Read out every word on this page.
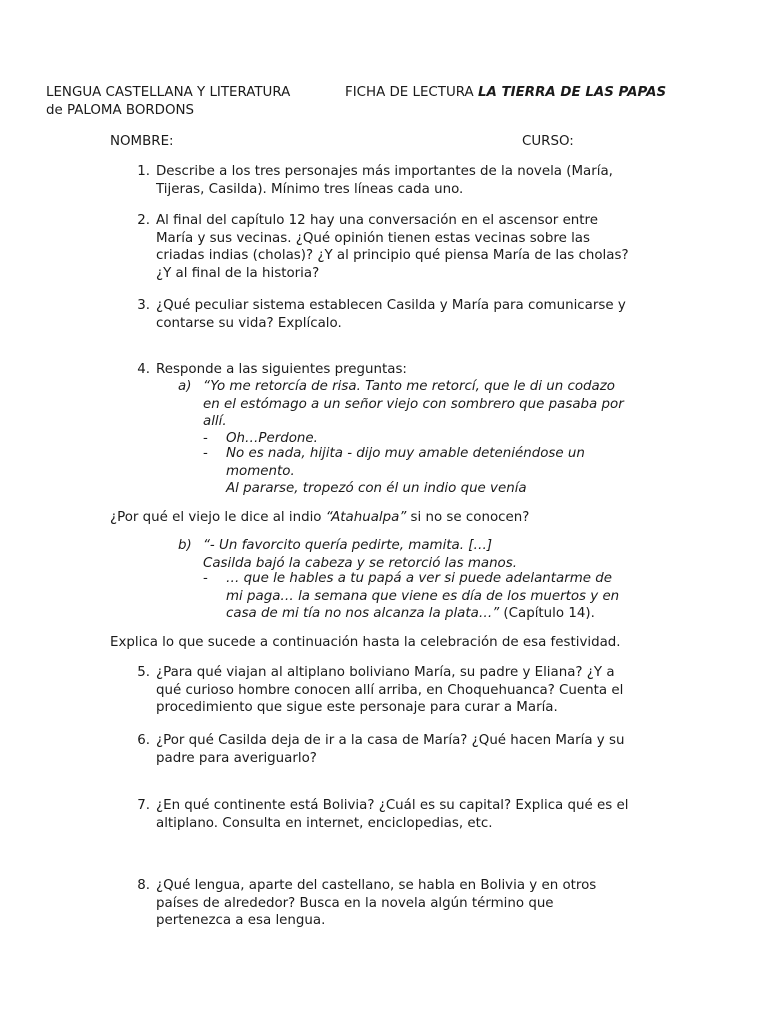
LENGUA CASTELLANA Y LITERATURA	FICHA DE LECTURA LA TIERRA DE LAS PAPAS
de PALOMA BORDONS
NOMBRE:	CURSO:
1. Describe a los tres personajes más importantes de la novela (María,
Tijeras, Casilda). Mínimo tres líneas cada uno.
2. Al final del capítulo 12 hay una conversación en el ascensor entre
María y sus vecinas. ¿Qué opinión tienen estas vecinas sobre las
criadas indias (cholas)? ¿Y al principio qué piensa María de las cholas?
¿Y al final de la historia?
3. ¿Qué peculiar sistema establecen Casilda y María para comunicarse y
contarse su vida? Explícalo.
4. Responde a las siguientes preguntas:
a) “Yo me retorcía de risa. Tanto me retorcí, que le di un codazo
en el estómago a un señor viejo con sombrero que pasaba por
allí.
- Oh…Perdone.
- No es nada, hijita - dijo muy amable deteniéndose un
momento.
Al pararse, tropezó con él un indio que venía
¿Por qué el viejo le dice al indio “Atahualpa” si no se conocen?
b) “- Un favorcito quería pedirte, mamita. […]
Casilda bajó la cabeza y se retorció las manos.
- … que le hables a tu papá a ver si puede adelantarme de
mi paga… la semana que viene es día de los muertos y en
casa de mi tía no nos alcanza la plata…” (Capítulo 14).
Explica lo que sucede a continuación hasta la celebración de esa festividad.
5. ¿Para qué viajan al altiplano boliviano María, su padre y Eliana? ¿Y a
qué curioso hombre conocen allí arriba, en Choquehuanca? Cuenta el
procedimiento que sigue este personaje para curar a María.
6. ¿Por qué Casilda deja de ir a la casa de María? ¿Qué hacen María y su
padre para averiguarlo?
7. ¿En qué continente está Bolivia? ¿Cuál es su capital? Explica qué es el
altiplano. Consulta en internet, enciclopedias, etc.
8. ¿Qué lengua, aparte del castellano, se habla en Bolivia y en otros
países de alrededor? Busca en la novela algún término que
pertenezca a esa lengua.
